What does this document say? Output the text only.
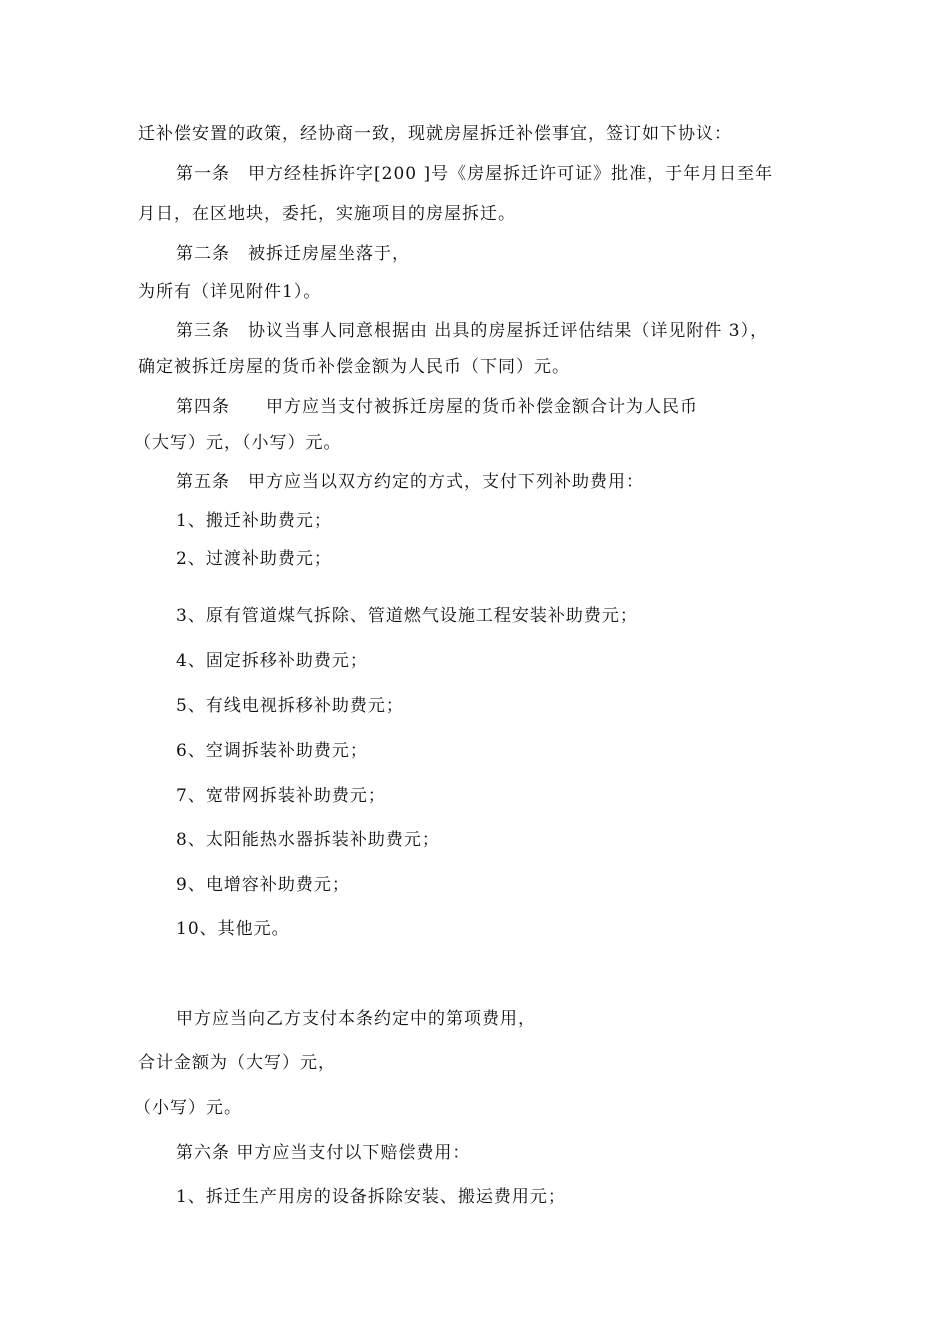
迁补偿安置的政策，经协商一致，现就房屋拆迁补偿事宜，签订如下协议：
第一条　甲方经桂拆许字[200 ]号《房屋拆迁许可证》批准，于年月日至年
月日，在区地块，委托，实施项目的房屋拆迁。
第二条　被拆迁房屋坐落于，
为所有（详见附件1）。
第三条　协议当事人同意根据由 出具的房屋拆迁评估结果（详见附件 3），
确定被拆迁房屋的货币补偿金额为人民币（下同）元。
第四条　　甲方应当支付被拆迁房屋的货币补偿金额合计为人民币
（大写）元，（小写）元。
第五条　甲方应当以双方约定的方式，支付下列补助费用：
1、搬迁补助费元；
2、过渡补助费元；
3、原有管道煤气拆除、管道燃气设施工程安装补助费元；
4、固定拆移补助费元；
5、有线电视拆移补助费元；
6、空调拆装补助费元；
7、宽带网拆装补助费元；
8、太阳能热水器拆装补助费元；
9、电增容补助费元；
10、其他元。
甲方应当向乙方支付本条约定中的第项费用，
合计金额为（大写）元，
（小写）元。
第六条 甲方应当支付以下赔偿费用：
1、拆迁生产用房的设备拆除安装、搬运费用元；
